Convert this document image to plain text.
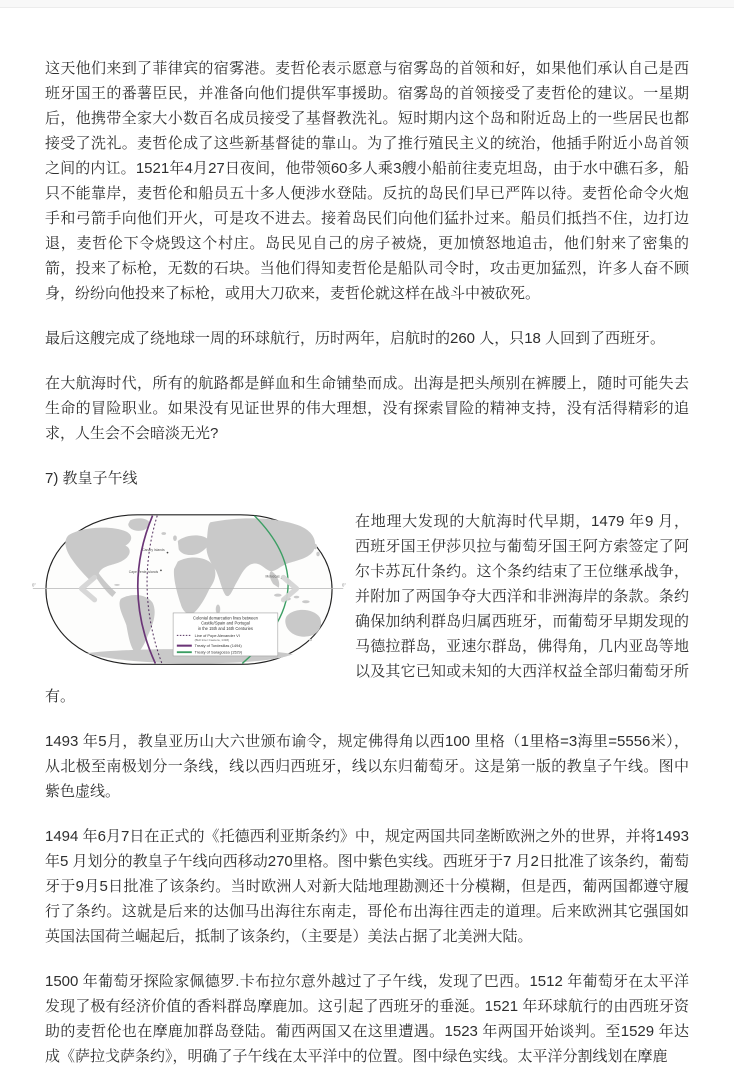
这天他们来到了菲律宾的宿雾港。麦哲伦表示愿意与宿雾岛的首领和好，如果他们承认自己是西班牙国王的番薯臣民，并准备向他们提供军事援助。宿雾岛的首领接受了麦哲伦的建议。一星期后，他携带全家大小数百名成员接受了基督教洗礼。短时期内这个岛和附近岛上的一些居民也都接受了洗礼。麦哲伦成了这些新基督徒的靠山。为了推行殖民主义的统治，他插手附近小岛首领之间的内讧。1521年4月27日夜间，他带领60多人乘3艘小船前往麦克坦岛，由于水中礁石多，船只不能靠岸，麦哲伦和船员五十多人便涉水登陆。反抗的岛民们早已严阵以待。麦哲伦命令火炮手和弓箭手向他们开火，可是攻不进去。接着岛民们向他们猛扑过来。船员们抵挡不住，边打边退，麦哲伦下令烧毁这个村庄。岛民见自己的房子被烧，更加愤怒地追击，他们射来了密集的箭，投来了标枪，无数的石块。当他们得知麦哲伦是船队司令时，攻击更加猛烈，许多人奋不顾身，纷纷向他投来了标枪，或用大刀砍来，麦哲伦就这样在战斗中被砍死。

最后这艘完成了绕地球一周的环球航行，历时两年，启航时的260 人，只18 人回到了西班牙。

在大航海时代，所有的航路都是鲜血和生命铺垫而成。出海是把头颅别在裤腰上，随时可能失去生命的冒险职业。如果没有见证世界的伟大理想，没有探索冒险的精神支持，没有活得精彩的追求，人生会不会暗淡无光?

7) 教皇子午线
0°	0°
Canary Islands
Cape Verde Islands
Moluccas
Colonial demarcation lines between
Castile/Spain and Portugal
in the 15th and 16th Centuries
Line of Pope Alexander VI
(Bull Inter Caetera, 1493)
Treaty of Tordesillas (1494)
Treaty of Saragossa (1529)

在地理大发现的大航海时代早期，1479 年9 月，西班牙国王伊莎贝拉与葡萄牙国王阿方索签定了阿尔卡苏瓦什条约。这个条约结束了王位继承战争，并附加了两国争夺大西洋和非洲海岸的条款。条约确保加纳利群岛归属西班牙，而葡萄牙早期发现的马德拉群岛，亚速尔群岛，佛得角，几内亚岛等地以及其它已知或未知的大西洋权益全部归葡萄牙所有。

1493 年5月，教皇亚历山大六世颁布谕令，规定佛得角以西100 里格（1里格=3海里=5556米），从北极至南极划分一条线，线以西归西班牙，线以东归葡萄牙。这是第一版的教皇子午线。图中紫色虚线。

1494 年6月7日在正式的《托德西利亚斯条约》中，规定两国共同垄断欧洲之外的世界，并将1493 年5 月划分的教皇子午线向西移动270里格。图中紫色实线。西班牙于7 月2日批准了该条约，葡萄牙于9月5日批准了该条约。当时欧洲人对新大陆地理勘测还十分模糊，但是西，葡两国都遵守履行了条约。这就是后来的达伽马出海往东南走，哥伦布出海往西走的道理。后来欧洲其它强国如英国法国荷兰崛起后，抵制了该条约，（主要是）美法占据了北美洲大陆。

1500 年葡萄牙探险家佩德罗.卡布拉尔意外越过了子午线，发现了巴西。1512 年葡萄牙在太平洋发现了极有经济价值的香料群岛摩鹿加。这引起了西班牙的垂涎。1521 年环球航行的由西班牙资助的麦哲伦也在摩鹿加群岛登陆。葡西两国又在这里遭遇。1523 年两国开始谈判。至1529 年达成《萨拉戈萨条约》，明确了子午线在太平洋中的位置。图中绿色实线。太平洋分割线划在摩鹿
